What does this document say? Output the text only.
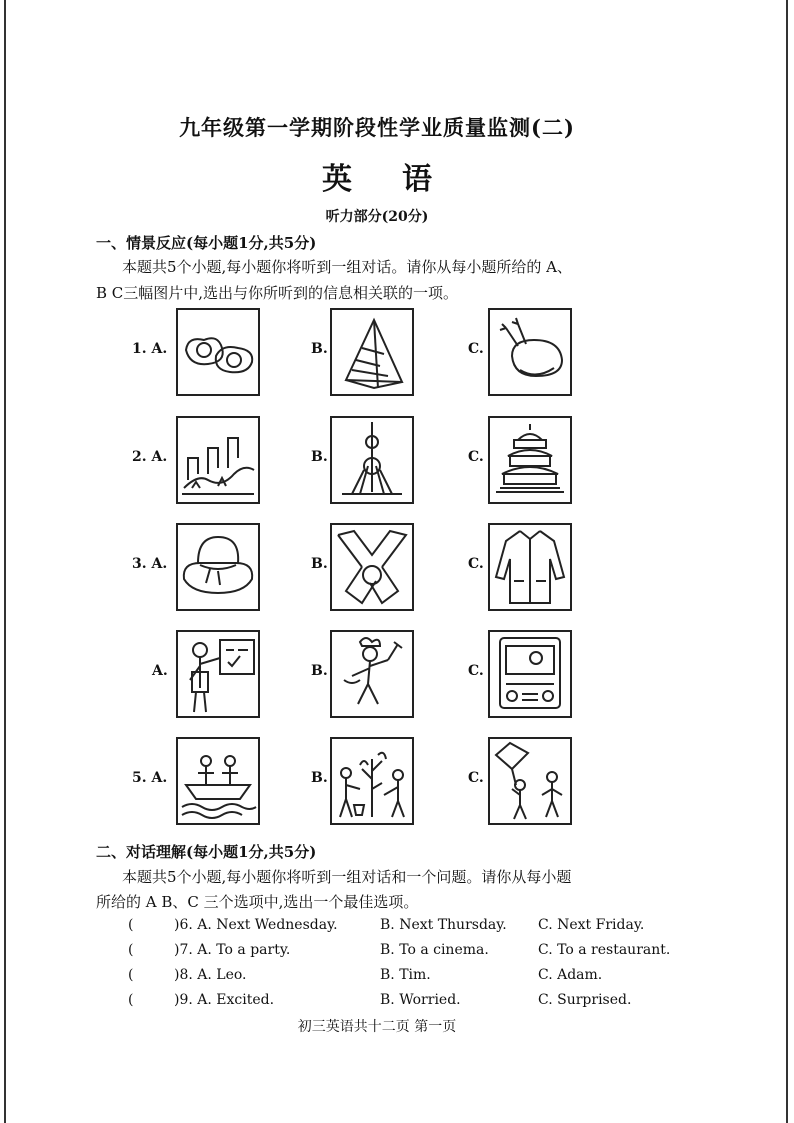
九年级第一学期阶段性学业质量监测(二)
英语
听力部分(20分)
一、情景反应(每小题1分,共5分)
本题共5个小题,每小题你将听到一组对话。请你从每小题所给的 A、
B C三幅图片中,选出与你所听到的信息相关联的一项。
1. A.	B.	C.
2. A.	B.	C.
3. A.	B.	C.
A.	B.	C.
5. A.	B.	C.
二、对话理解(每小题1分,共5分)
本题共5个小题,每小题你将听到一组对话和一个问题。请你从每小题
所给的 A B、C 三个选项中,选出一个最佳选项。
(	)6. A. Next Wednesday.	B. Next Thursday. C. Next Friday.
(	)7. A. To a party.	B. To a cinema.	C. To a restaurant.
(	)8. A. Leo.	B. Tim.	C. Adam.
(	)9. A. Excited.	B. Worried.	C. Surprised.
初三英语共十二页 第一页
